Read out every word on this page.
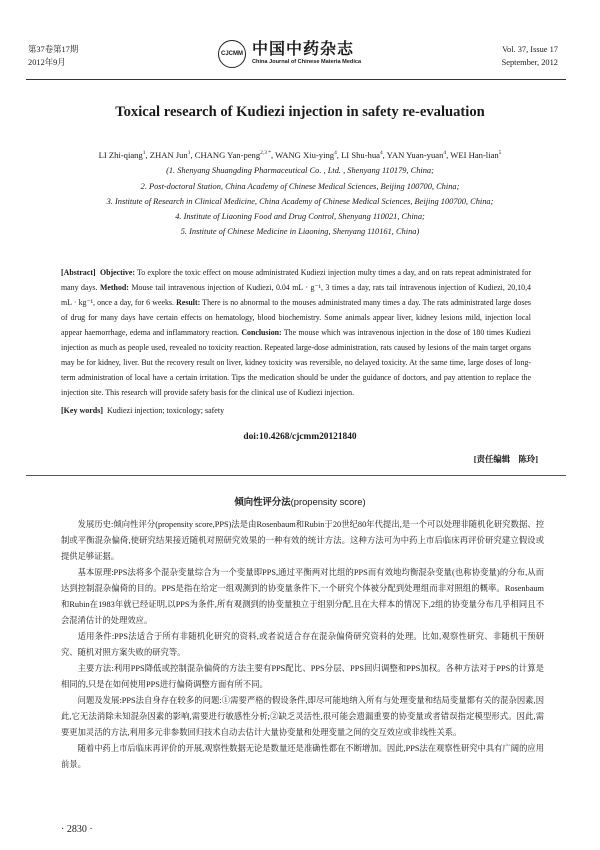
第37卷第17期
2012年9月
CJCMM 中国中药杂志
China Journal of Chinese Materia Medica
Vol. 37, Issue 17
September, 2012
Toxical research of Kudiezi injection in safety re-evaluation
LI Zhi-qiang$^1$, ZHAN Jun$^1$, CHANG Yan-peng$^{2,3 *}$, WANG Xiu-ying$^4$, LI Shu-hua$^4$, YAN Yuan-yuan$^4$, WEI Han-lian$^5$
(1. Shenyang Shuangding Pharmaceutical Co. , Ltd. , Shenyang 110179, China;
2. Post-doctoral Station, China Academy of Chinese Medical Sciences, Beijing 100700, China;
3. Institute of Research in Clinical Medicine, China Academy of Chinese Medical Sciences, Beijing 100700, China;
4. Institute of Liaoning Food and Drug Control, Shenyang 110021, China;
5. Institute of Chinese Medicine in Liaoning, Shenyang 110161, China)
[Abstract] Objective: To explore the toxic effect on mouse administrated Kudiezi injection multy times a day, and on rats repeat administrated for many days. Method: Mouse tail intravenous injection of Kudiezi, 0.04 mL · g⁻¹, 3 times a day, rats tail intravenous injection of Kudiezi, 20,10,4 mL · kg⁻¹, once a day, for 6 weeks. Result: There is no abnormal to the mouses administrated many times a day. The rats administrated large doses of drug for many days have certain effects on hematology, blood biochemistry. Some animals appear liver, kidney lesions mild, injection local appear haemorrhage, edema and inflammatory reaction. Conclusion: The mouse which was intravenous injection in the dose of 180 times Kudiezi injection as much as people used, revealed no toxicity reaction. Repeated large-dose administration, rats caused by lesions of the main target organs may be for kidney, liver. But the recovery result on liver, kidney toxicity was reversible, no delayed toxicity. At the same time, large doses of long-term administration of local have a certain irritation. Tips the medication should be under the guidance of doctors, and pay attention to replace the injection site. This research will provide safety basis for the clinical use of Kudiezi injection.
[Key words] Kudiezi injection; toxicology; safety
doi:10.4268/cjcmm20121840
[责任编辑　陈玲]
倾向性评分法(propensity score)

发展历史:倾向性评分(propensity score,PPS)法是由Rosenbaum和Rubin于20世纪80年代提出,是一个可以处理非随机化研究数据、控制或平衡混杂偏倚,使研究结果接近随机对照研究效果的一种有效的统计方法。这种方法可为中药上市后临床再评价研究建立假设或提供足够证据。

基本原理:PPS法将多个混杂变量综合为一个变量即PPS,通过平衡两对比组的PPS而有效地均衡混杂变量(也称协变量)的分布,从而达到控制混杂偏倚的目的。PPS是指在给定一组观测到的协变量条件下,一个研究个体被分配到处理组而非对照组的概率。Rosenbaum和Rubin在1983年就已经证明,以PPS为条件,所有观测到的协变量独立于组别分配,且在大样本的情况下,2组的协变量分布几乎相同且不会混淆估计的处理效应。

适用条件:PPS法适合于所有非随机化研究的资料,或者说适合存在混杂偏倚研究资料的处理。比如,观察性研究、非随机干预研究、随机对照方案失败的研究等。

主要方法:利用PPS降低或控制混杂偏倚的方法主要有PPS配比、PPS分层、PPS回归调整和PPS加权。各种方法对于PPS的计算是相同的,只是在如何使用PPS进行偏倚调整方面有所不同。

问题及发展:PPS法自身存在较多的问题:①需要严格的假设条件,即尽可能地纳入所有与处理变量和结局变量都有关的混杂因素,因此,它无法消除未知混杂因素的影响,需要进行敏感性分析;②缺乏灵活性,很可能会遗漏重要的协变量或者错误指定模型形式。因此,需要更加灵活的方法,利用多元非参数回归技术自动去估计大量协变量和处理变量之间的交互效应或非线性关系。

随着中药上市后临床再评价的开展,观察性数据无论是数量还是准确性都在不断增加。因此,PPS法在观察性研究中具有广阔的应用前景。

· 2830 ·
